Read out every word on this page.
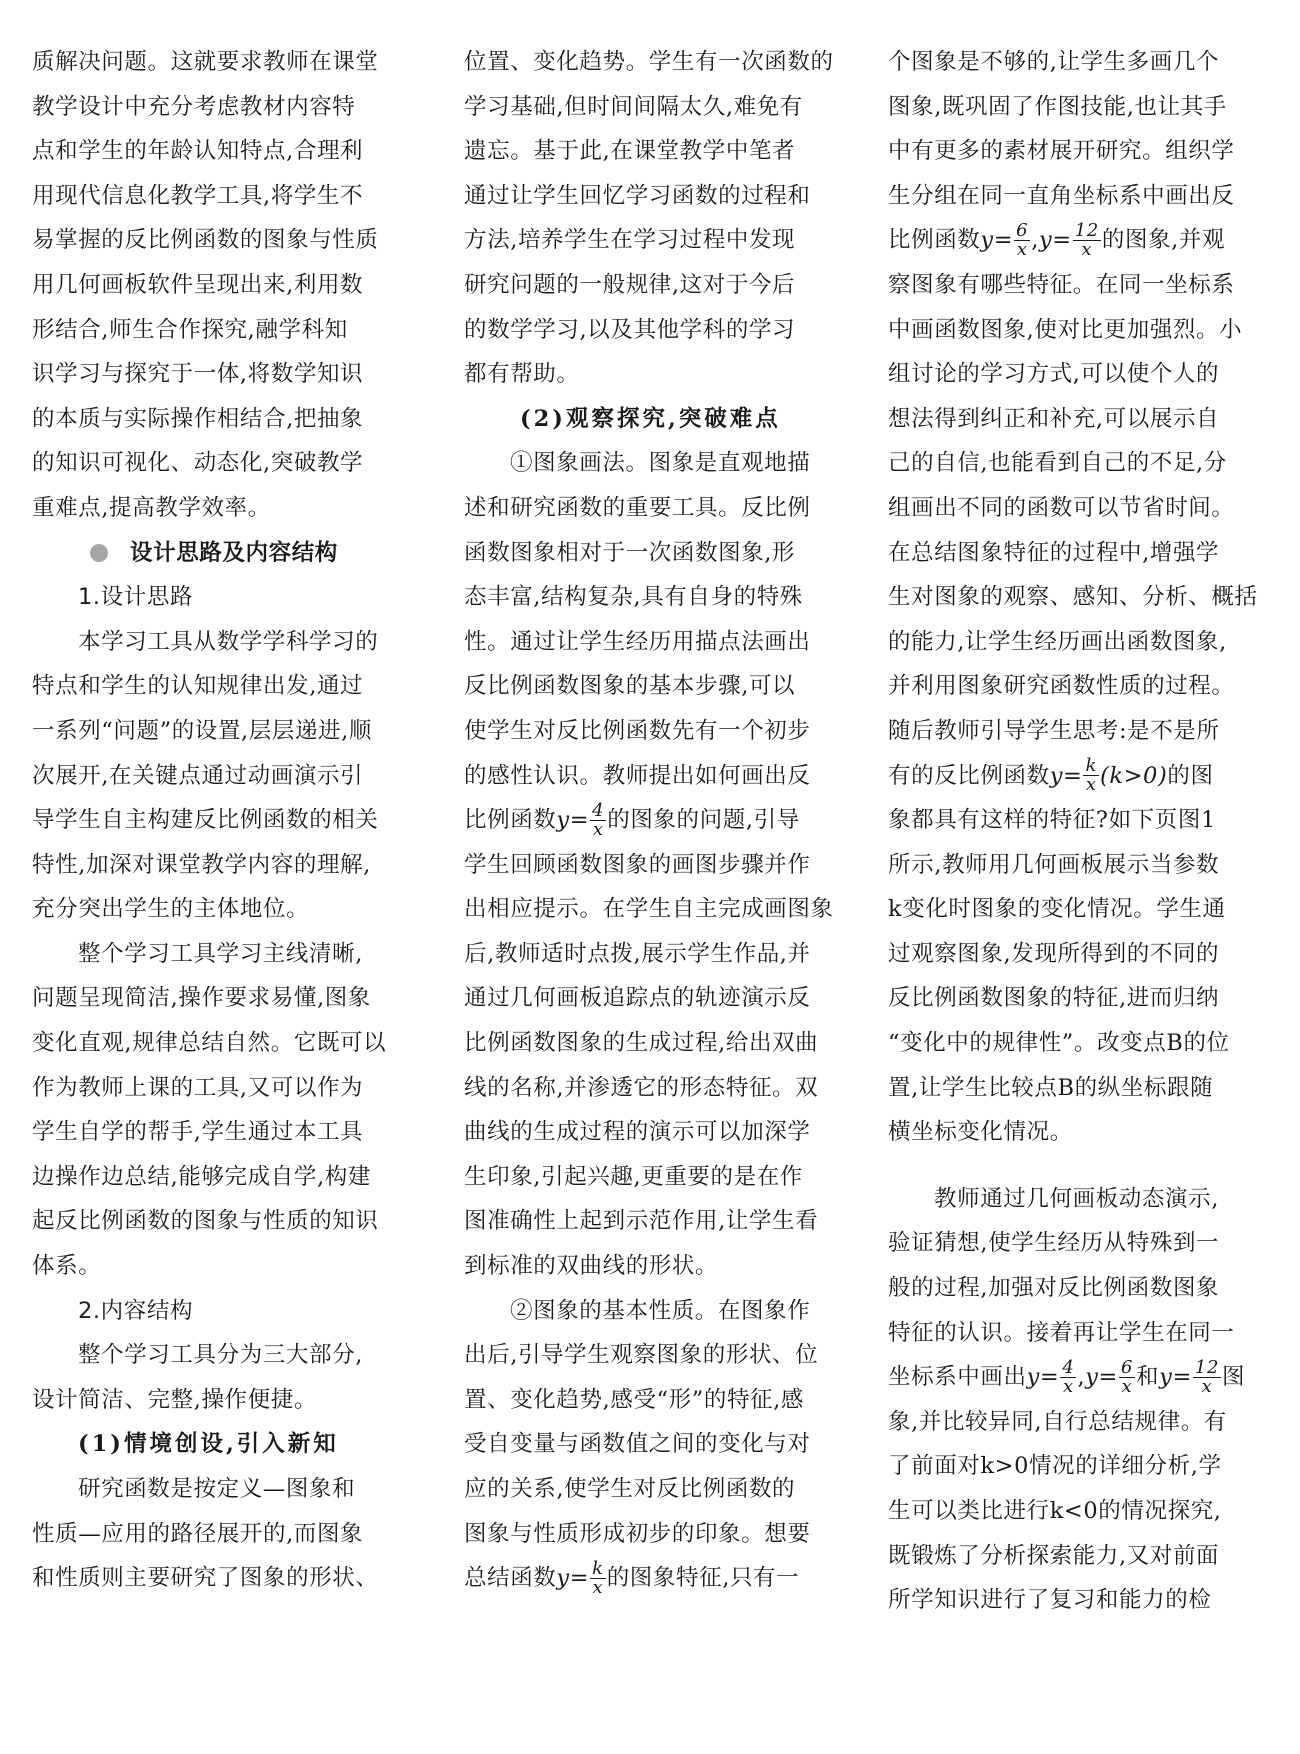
质解决问题。这就要求教师在课堂
教学设计中充分考虑教材内容特
点和学生的年龄认知特点,合理利
用现代信息化教学工具,将学生不
易掌握的反比例函数的图象与性质
用几何画板软件呈现出来,利用数
形结合,师生合作探究,融学科知
识学习与探究于一体,将数学知识
的本质与实际操作相结合,把抽象
的知识可视化、动态化,突破教学
重难点,提高教学效率。
设计思路及内容结构
1.设计思路
本学习工具从数学学科学习的
特点和学生的认知规律出发,通过
一系列“问题”的设置,层层递进,顺
次展开,在关键点通过动画演示引
导学生自主构建反比例函数的相关
特性,加深对课堂教学内容的理解,
充分突出学生的主体地位。
整个学习工具学习主线清晰,
问题呈现简洁,操作要求易懂,图象
变化直观,规律总结自然。它既可以
作为教师上课的工具,又可以作为
学生自学的帮手,学生通过本工具
边操作边总结,能够完成自学,构建
起反比例函数的图象与性质的知识
体系。
2.内容结构
整个学习工具分为三大部分,
设计简洁、完整,操作便捷。
(1)情境创设,引入新知
研究函数是按定义—图象和
性质—应用的路径展开的,而图象
和性质则主要研究了图象的形状、
位置、变化趋势。学生有一次函数的
学习基础,但时间间隔太久,难免有
遗忘。基于此,在课堂教学中笔者
通过让学生回忆学习函数的过程和
方法,培养学生在学习过程中发现
研究问题的一般规律,这对于今后
的数学学习,以及其他学科的学习
都有帮助。
(2)观察探究,突破难点
①图象画法。图象是直观地描
述和研究函数的重要工具。反比例
函数图象相对于一次函数图象,形
态丰富,结构复杂,具有自身的特殊
性。通过让学生经历用描点法画出
反比例函数图象的基本步骤,可以
使学生对反比例函数先有一个初步
的感性认识。教师提出如何画出反
比例函数$y= \frac{4}{x}$ 的图象的问题,引导
学生回顾函数图象的画图步骤并作
出相应提示。在学生自主完成画图象
后,教师适时点拨,展示学生作品,并
通过几何画板追踪点的轨迹演示反
比例函数图象的生成过程,给出双曲
线的名称,并渗透它的形态特征。双
曲线的生成过程的演示可以加深学
生印象,引起兴趣,更重要的是在作
图准确性上起到示范作用,让学生看
到标准的双曲线的形状。
②图象的基本性质。在图象作
出后,引导学生观察图象的形状、位
置、变化趋势,感受“形”的特征,感
受自变量与函数值之间的变化与对
应的关系,使学生对反比例函数的
图象与性质形成初步的印象。想要
总结函数$y= \frac{k}{x}$ 的图象特征,只有一
个图象是不够的,让学生多画几个
图象,既巩固了作图技能,也让其手
中有更多的素材展开研究。组织学
生分组在同一直角坐标系中画出反
比例函数$y= \frac{6}{x} ,y= \frac{12}{x}$ 的图象,并观
察图象有哪些特征。在同一坐标系
中画函数图象,使对比更加强烈。小
组讨论的学习方式,可以使个人的
想法得到纠正和补充,可以展示自
己的自信,也能看到自己的不足,分
组画出不同的函数可以节省时间。
在总结图象特征的过程中,增强学
生对图象的观察、感知、分析、概括
的能力,让学生经历画出函数图象,
并利用图象研究函数性质的过程。
随后教师引导学生思考:是不是所
有的反比例函数$y= \frac{k}{x} (k>0)$的图
象都具有这样的特征?如下页图1
所示,教师用几何画板展示当参数
k变化时图象的变化情况。学生通
过观察图象,发现所得到的不同的
反比例函数图象的特征,进而归纳
“变化中的规律性”。改变点B的位
置,让学生比较点B的纵坐标跟随
横坐标变化情况。
教师通过几何画板动态演示,
验证猜想,使学生经历从特殊到一
般的过程,加强对反比例函数图象
特征的认识。接着再让学生在同一
坐标系中画出$y= \frac{4}{x} ,y= \frac{6}{x}$ 和$y= \frac{12}{x}$ 图
象,并比较异同,自行总结规律。有
了前面对k>0情况的详细分析,学
生可以类比进行k<0的情况探究,
既锻炼了分析探索能力,又对前面
所学知识进行了复习和能力的检
